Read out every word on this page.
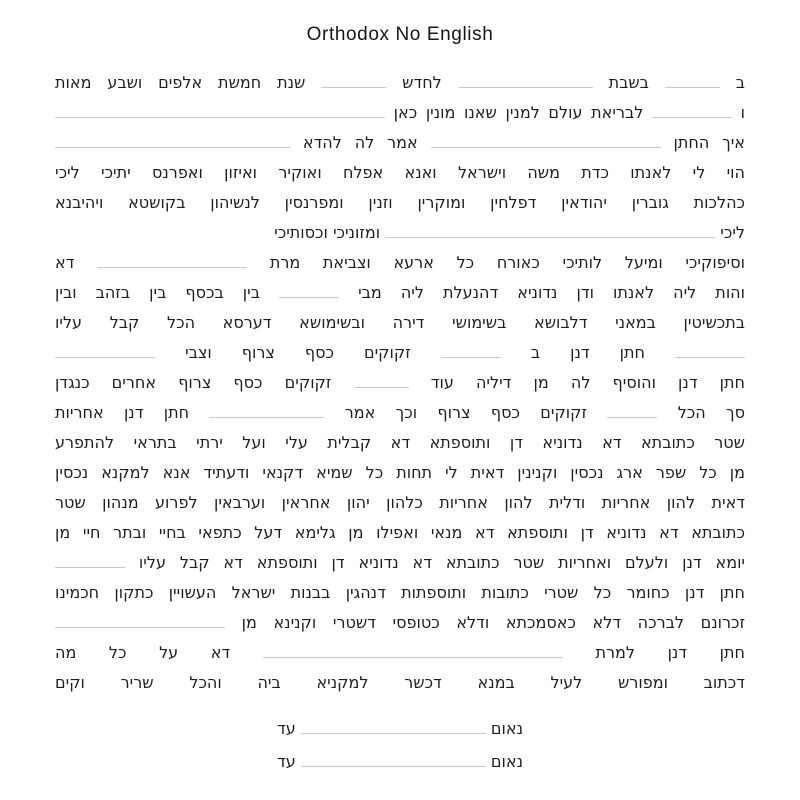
Orthodox No English
ב  בשבת  לחדש  שנת חמשת אלפים ושבע מאות
ו  לבריאת עולם למנין שאנו מונין כאן
איך החתן  אמר לה להדא
הוי לי לאנתו כדת משה וישראל ואנא אפלח ואוקיר ואיזון ואפרנס יתיכי ליכי
כהלכות גוברין יהודאין דפלחין ומוקרין וזנין ומפרנסין לנשיהון בקושטא ויהיבנא
ליכי  ומזוניכי וכסותיכי
וסיפוקיכי ומיעל לותיכי כאורח כל ארעא וצביאת מרת  דא
והות ליה לאנתו ודן נדוניא דהנעלת ליה מבי  בין בכסף בין בזהב ובין
בתכשיטין במאני דלבושא בשימושי דירה ובשימושא דערסא הכל קבל עליו
חתן דנן ב  זקוקים כסף צרוף וצבי
חתן דנן והוסיף לה מן דיליה עוד  זקוקים כסף צרוף אחרים כנגדן
סך הכל  זקוקים כסף צרוף וכך אמר  חתן דנן אחריות
שטר כתובתא דא נדוניא דן ותוספתא דא קבלית עלי ועל ירתי בתראי להתפרע
מן כל שפר ארג נכסין וקנינין דאית לי תחות כל שמיא דקנאי ודעתיד אנא למקנא נכסין
דאית להון אחריות ודלית להון אחריות כלהון יהון אחראין וערבאין לפרוע מנהון שטר
כתובתא דא נדוניא דן ותוספתא דא מנאי ואפילו מן גלימא דעל כתפאי בחיי ובתר חיי מן
יומא דנן ולעלם ואחריות שטר כתובתא דא נדוניא דן ותוספתא דא קבל עליו
חתן דנן כחומר כל שטרי כתובות ותוספתות דנהגין בבנות ישראל העשויין כתקון חכמינו
זכרונם לברכה דלא כאסמכתא ודלא כטופסי דשטרי וקנינא מן
חתן דנן למרת  דא על כל מה
דכתוב ומפורש לעיל במנא דכשר למקניא ביה והכל שריר וקים
נאום  עד
נאום  עד
